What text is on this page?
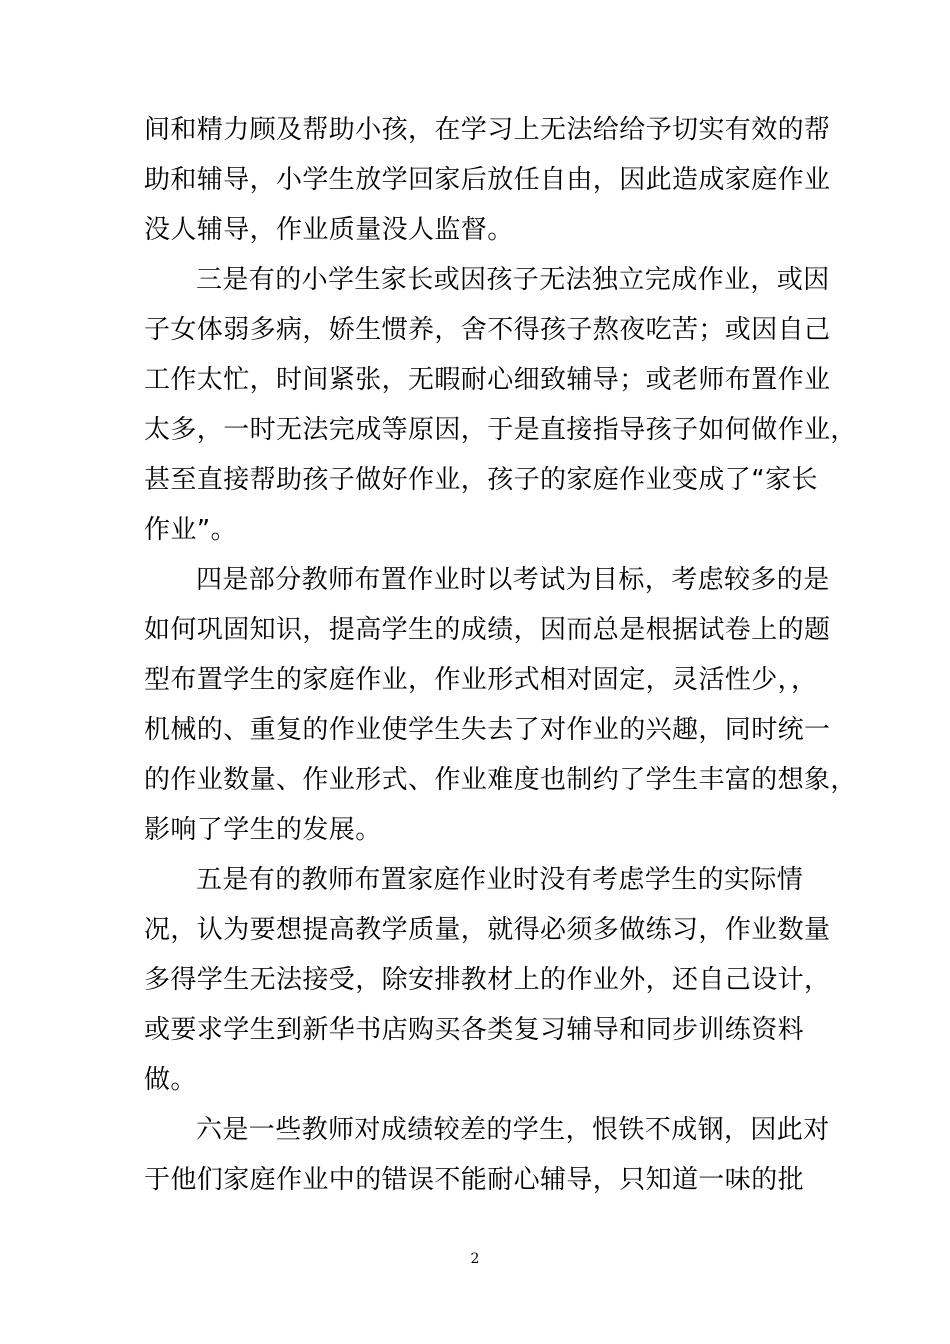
间和精力顾及帮助小孩，在学习上无法给给予切实有效的帮
助和辅导，小学生放学回家后放任自由，因此造成家庭作业
没人辅导，作业质量没人监督。
三是有的小学生家长或因孩子无法独立完成作业，或因
子女体弱多病，娇生惯养，舍不得孩子熬夜吃苦；或因自己
工作太忙，时间紧张，无暇耐心细致辅导；或老师布置作业
太多，一时无法完成等原因，于是直接指导孩子如何做作业，
甚至直接帮助孩子做好作业，孩子的家庭作业变成了“家长
作业”。
四是部分教师布置作业时以考试为目标，考虑较多的是
如何巩固知识，提高学生的成绩，因而总是根据试卷上的题
型布置学生的家庭作业，作业形式相对固定，灵活性少，，
机械的、重复的作业使学生失去了对作业的兴趣，同时统一
的作业数量、作业形式、作业难度也制约了学生丰富的想象，
影响了学生的发展。
五是有的教师布置家庭作业时没有考虑学生的实际情
况，认为要想提高教学质量，就得必须多做练习，作业数量
多得学生无法接受，除安排教材上的作业外，还自己设计，
或要求学生到新华书店购买各类复习辅导和同步训练资料
做。
六是一些教师对成绩较差的学生，恨铁不成钢，因此对
于他们家庭作业中的错误不能耐心辅导，只知道一味的批
2
